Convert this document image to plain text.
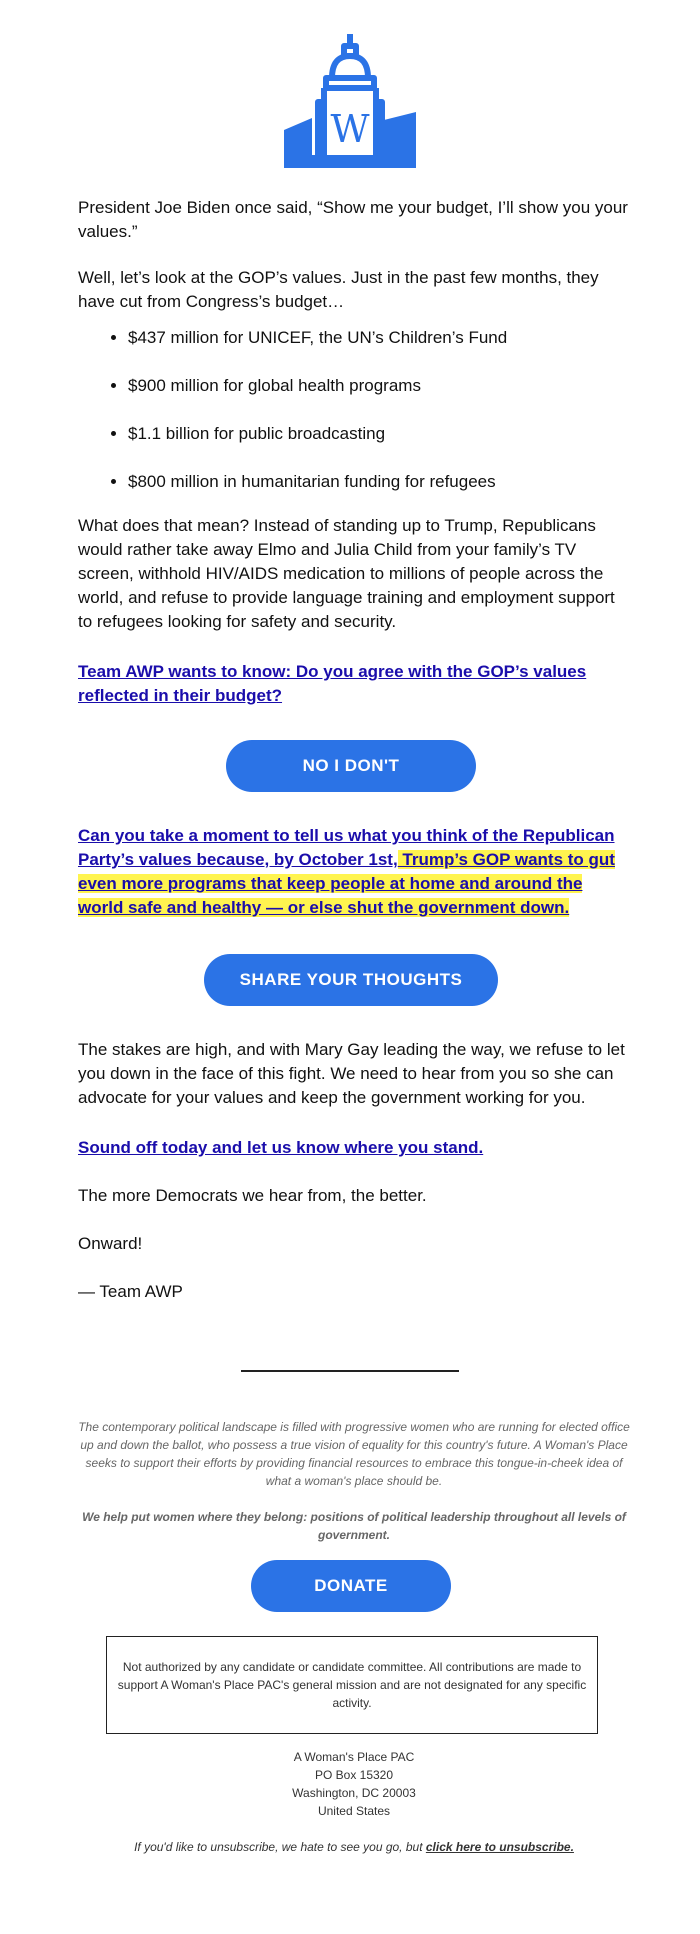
W

President Joe Biden once said, “Show me your budget, I’ll show you your values.”

Well, let’s look at the GOP’s values. Just in the past few months, they have cut from Congress’s budget…

• $437 million for UNICEF, the UN’s Children’s Fund
• $900 million for global health programs
• $1.1 billion for public broadcasting
• $800 million in humanitarian funding for refugees

What does that mean? Instead of standing up to Trump, Republicans would rather take away Elmo and Julia Child from your family’s TV screen, withhold HIV/AIDS medication to millions of people across the world, and refuse to provide language training and employment support to refugees looking for safety and security.

Team AWP wants to know: Do you agree with the GOP’s values reflected in their budget?

NO I DON'T

Can you take a moment to tell us what you think of the Republican Party’s values because, by October 1st, Trump’s GOP wants to gut even more programs that keep people at home and around the world safe and healthy — or else shut the government down.

SHARE YOUR THOUGHTS

The stakes are high, and with Mary Gay leading the way, we refuse to let you down in the face of this fight. We need to hear from you so she can advocate for your values and keep the government working for you.

Sound off today and let us know where you stand.

The more Democrats we hear from, the better.

Onward!

— Team AWP

The contemporary political landscape is filled with progressive women who are running for elected office up and down the ballot, who possess a true vision of equality for this country's future. A Woman's Place seeks to support their efforts by providing financial resources to embrace this tongue-in-cheek idea of what a woman's place should be.

We help put women where they belong: positions of political leadership throughout all levels of government.

DONATE
Not authorized by any candidate or candidate committee. All contributions are made to support A Woman's Place PAC's general mission and are not designated for any specific activity.
A Woman's Place PAC
PO Box 15320
Washington, DC 20003
United States
If you'd like to unsubscribe, we hate to see you go, but click here to unsubscribe.
